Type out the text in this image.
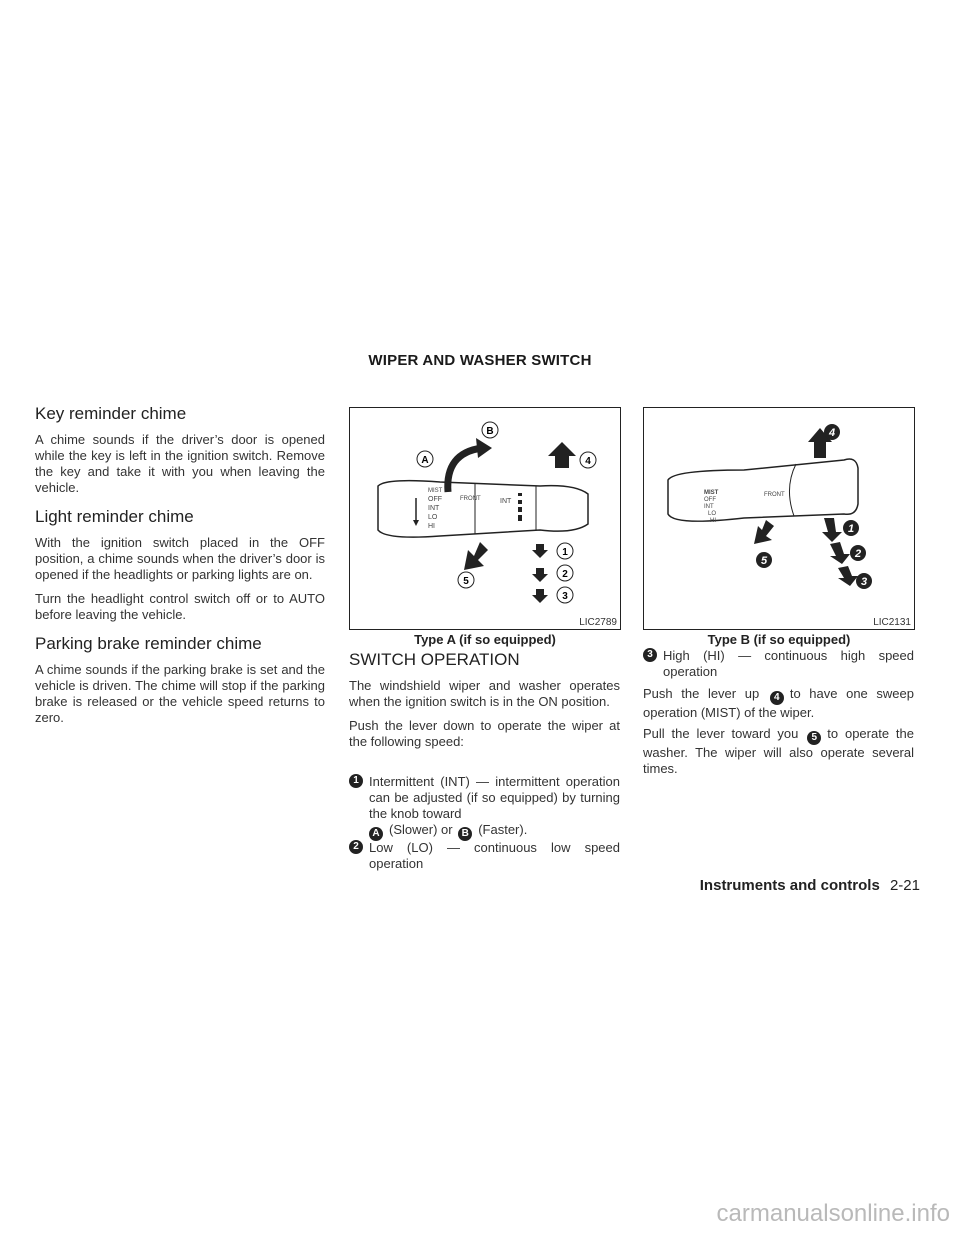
WIPER AND WASHER SWITCH
Key reminder chime

A chime sounds if the driver’s door is opened while the key is left in the ignition switch. Remove the key and take it with you when leaving the vehicle.

Light reminder chime

With the ignition switch placed in the OFF position, a chime sounds when the driver’s door is opened if the headlights or parking lights are on.

Turn the headlight control switch off or to AUTO before leaving the vehicle.

Parking brake reminder chime

A chime sounds if the parking brake is set and the vehicle is driven. The chime will stop if the parking brake is released or the vehicle speed returns to zero.

MIST
OFF
INT
LO
HI
FRONT	INT
A
B
1
2
3
4
5
LIC2789
Type A (if so equipped)
MIST
OFF
INT
LO
HI
FRONT
1
2
3
4
5
LIC2131
Type B (if so equipped)
SWITCH OPERATION

The windshield wiper and washer operates when the ignition switch is in the ON position.

Push the lever down to operate the wiper at the following speed:

1 Intermittent (INT) — intermittent operation can be adjusted (if so equipped) by turning the knob toward
A (Slower) or B (Faster).
2 Low (LO) — continuous low speed operation
3 High (HI) — continuous high speed operation

Push the lever up 4 to have one sweep operation (MIST) of the wiper.

Pull the lever toward you 5 to operate the washer. The wiper will also operate several times.

Instruments and controls 2-21
carmanualsonline.info
